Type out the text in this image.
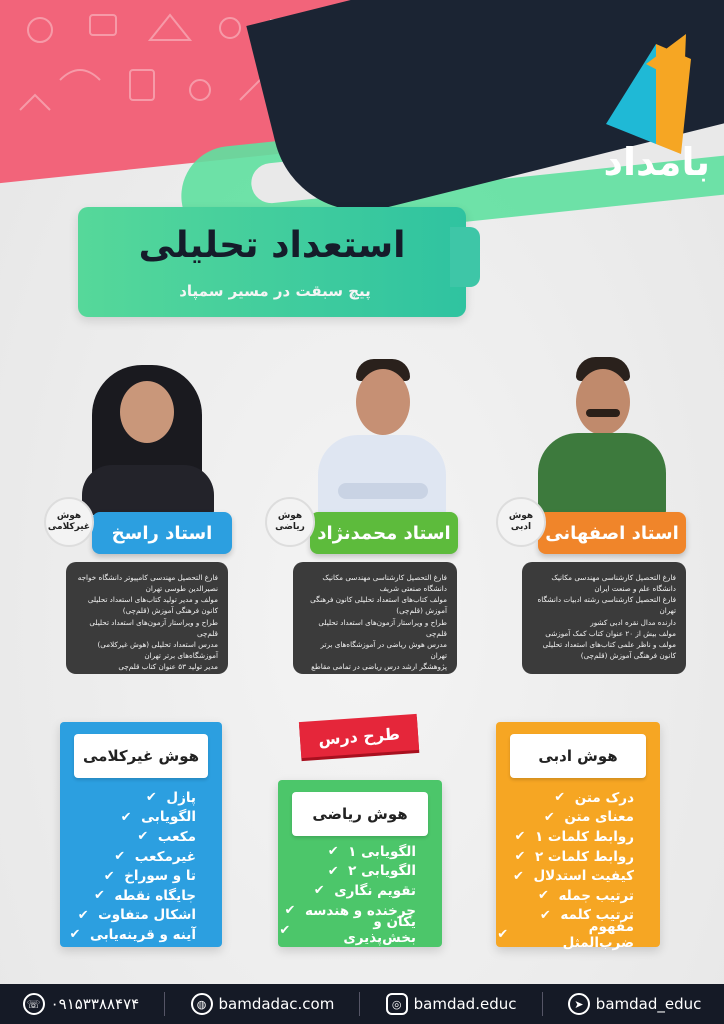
بامداد
استعداد تحلیلی
پیچ سبقت در مسیر سمپاد
استاد راسخ
هوش غیرکلامی
فارغ التحصیل مهندسی کامپیوتر دانشگاه خواجه نصیرالدین طوسی تهران
مولف و مدیر تولید کتاب‌های استعداد تحلیلی کانون فرهنگی آموزش (قلم‌چی)
طراح و ویراستار آزمون‌های استعداد تحلیلی قلم‌چی
مدرس استعداد تحلیلی (هوش غیرکلامی) آموزشگاه‌های برتر تهران
مدیر تولید ۵۳ عنوان کتاب قلم‌چی
استاد محمدنژاد
هوش ریاضی
فارغ التحصیل کارشناسی مهندسی مکانیک دانشگاه صنعتی شریف
مولف کتاب‌های استعداد تحلیلی کانون فرهنگی آموزش (قلم‌چی)
طراح و ویراستار آزمون‌های استعداد تحلیلی قلم‌چی
مدرس هوش ریاضی در آموزشگاه‌های برتر تهران
پژوهشگر ارشد درس ریاضی در تمامی مقاطع
استاد اصفهانی
هوش ادبی
فارغ التحصیل کارشناسی مهندسی مکانیک دانشگاه علم و صنعت ایران
فارغ التحصیل کارشناسی رشته ادبیات دانشگاه تهران
دارنده مدال نقره ادبی کشور
مولف بیش از ۲۰ عنوان کتاب کمک آموزشی
مولف و ناظر علمی کتاب‌های استعداد تحلیلی کانون فرهنگی آموزش (قلم‌چی)
طرح درس
هوش غیرکلامی
پازل
✔
الگویابی
✔
مکعب
✔
غیرمکعب
✔
تا و سوراخ
✔
جایگاه نقطه
✔
اشکال متفاوت
✔
آینه و قرینه‌یابی
✔
هوش ریاضی
الگویابی ۱
✔
الگویابی ۲
✔
تقویم نگاری
✔
چرخنده و هندسه
✔
یکان و بخش‌پذیری
✔
هوش ادبی
درک متن
✔
معنای متن
✔
روابط کلمات ۱
✔
روابط کلمات ۲
✔
کیفیت استدلال
✔
ترتیب جمله
✔
ترتیب کلمه
✔
مفهوم ضرب‌المثل
✔
☏ ۰۹۱۵۳۳۸۸۴۷۴	◍ bamdadac.com	◎ bamdad.educ	➤ bamdad_educ
